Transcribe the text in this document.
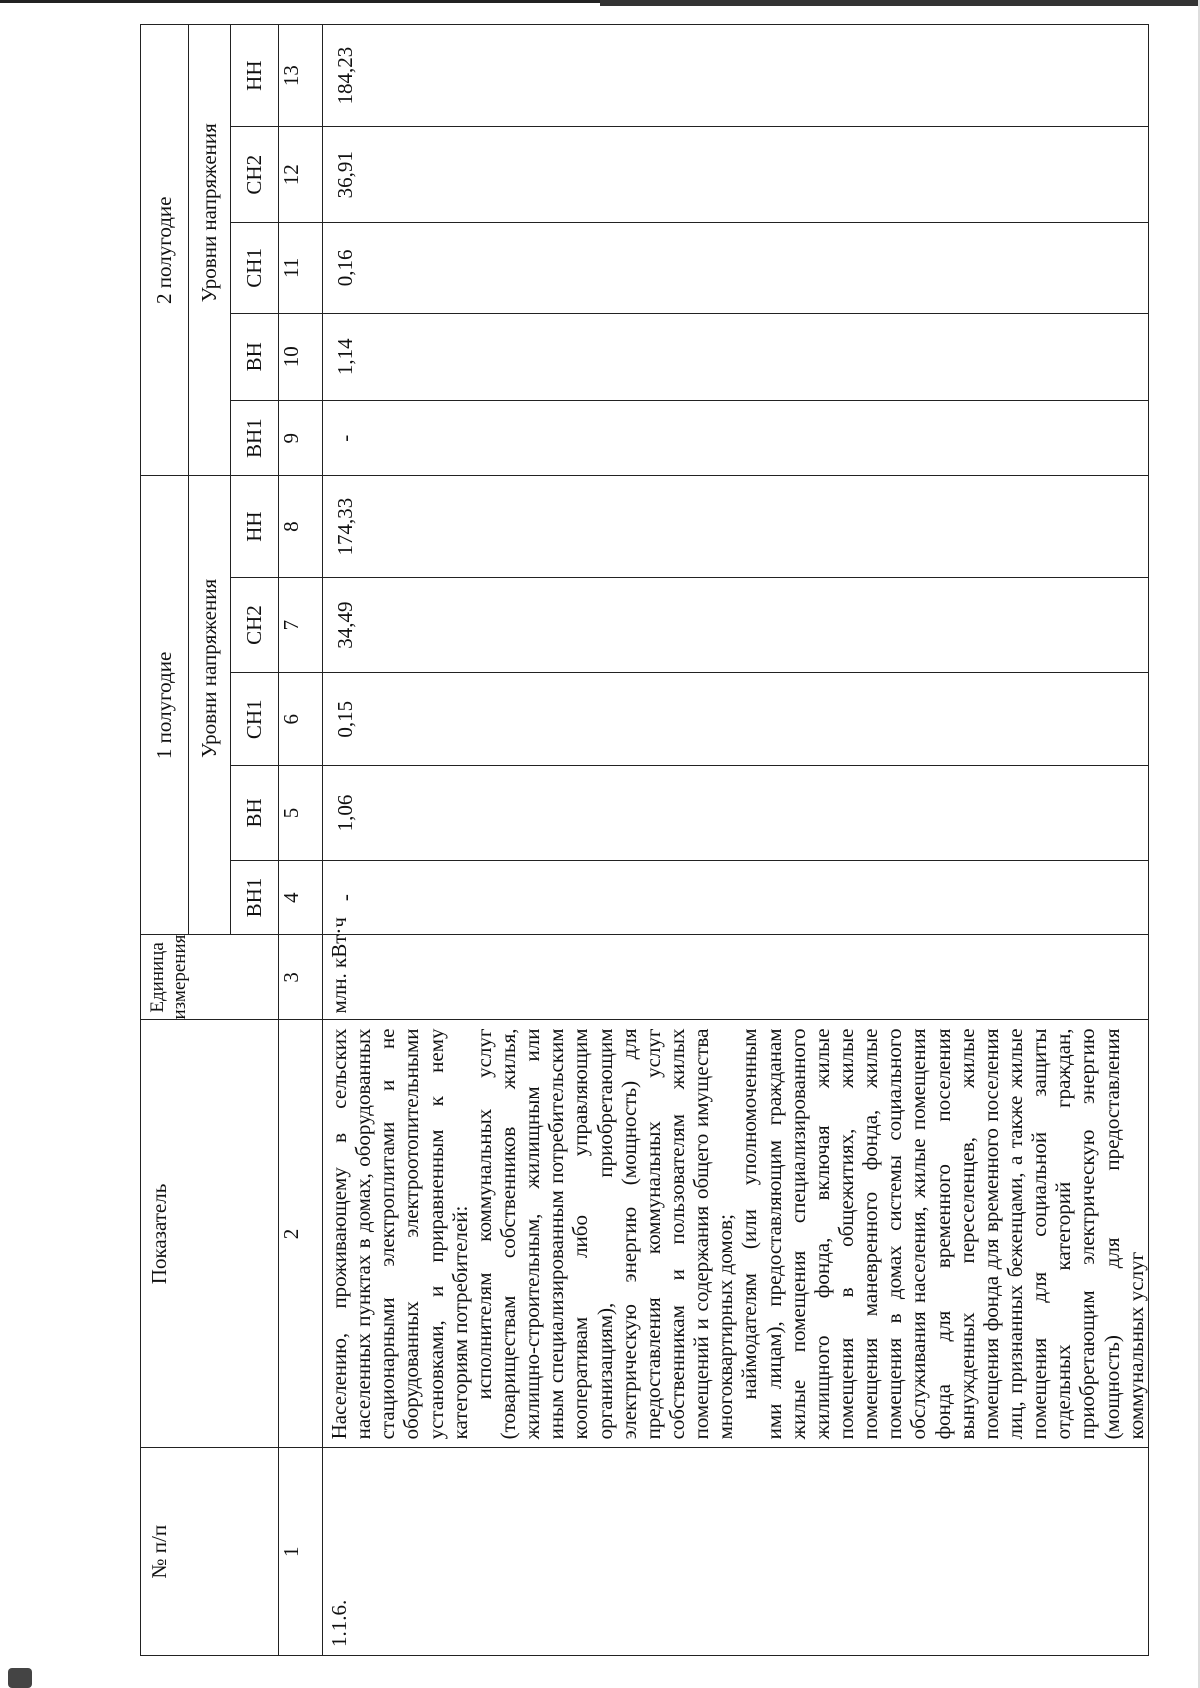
№ п/п	Показатель	Единица измерения	1 полугодие					2 полугодие				
				Уровни напряжения					Уровни напряжения			
			ВН1	ВН	СН1	СН2	НН	ВН1	ВН	СН1	СН2	НН
1	2	3	4	5	6	7	8	9	10	11	12	13
1.1.6.	Населению, проживающему в сельских населенных пунктах в домах, оборудованных стационарными электроплитами и не оборудованных электроотопительными установками, и приравненным к нему категориям потребителей: исполнителям коммунальных услуг (товариществам собственников жилья, жилищно-строительным, жилищным или иным специализированным потребительским кооперативам либо управляющим организациям), приобретающим электрическую энергию (мощность) для предоставления коммунальных услуг собственникам и пользователям жилых помещений и содержания общего имущества многоквартирных домов; наймодателям (или уполномоченным ими лицам), предоставляющим гражданам жилые помещения специализированного жилищного фонда, включая жилые помещения в общежитиях, жилые помещения маневренного фонда, жилые помещения в домах системы социального обслуживания населения, жилые помещения фонда для временного поселения вынужденных переселенцев, жилые помещения фонда для временного поселения лиц, признанных беженцами, а также жилые помещения для социальной защиты отдельных категорий граждан, приобретающим электрическую энергию (мощность) для предоставления коммунальных услуг	млн. кВт·ч	-	1,06	0,15	34,49	174,33	-	1,14	0,16	36,91	184,23
